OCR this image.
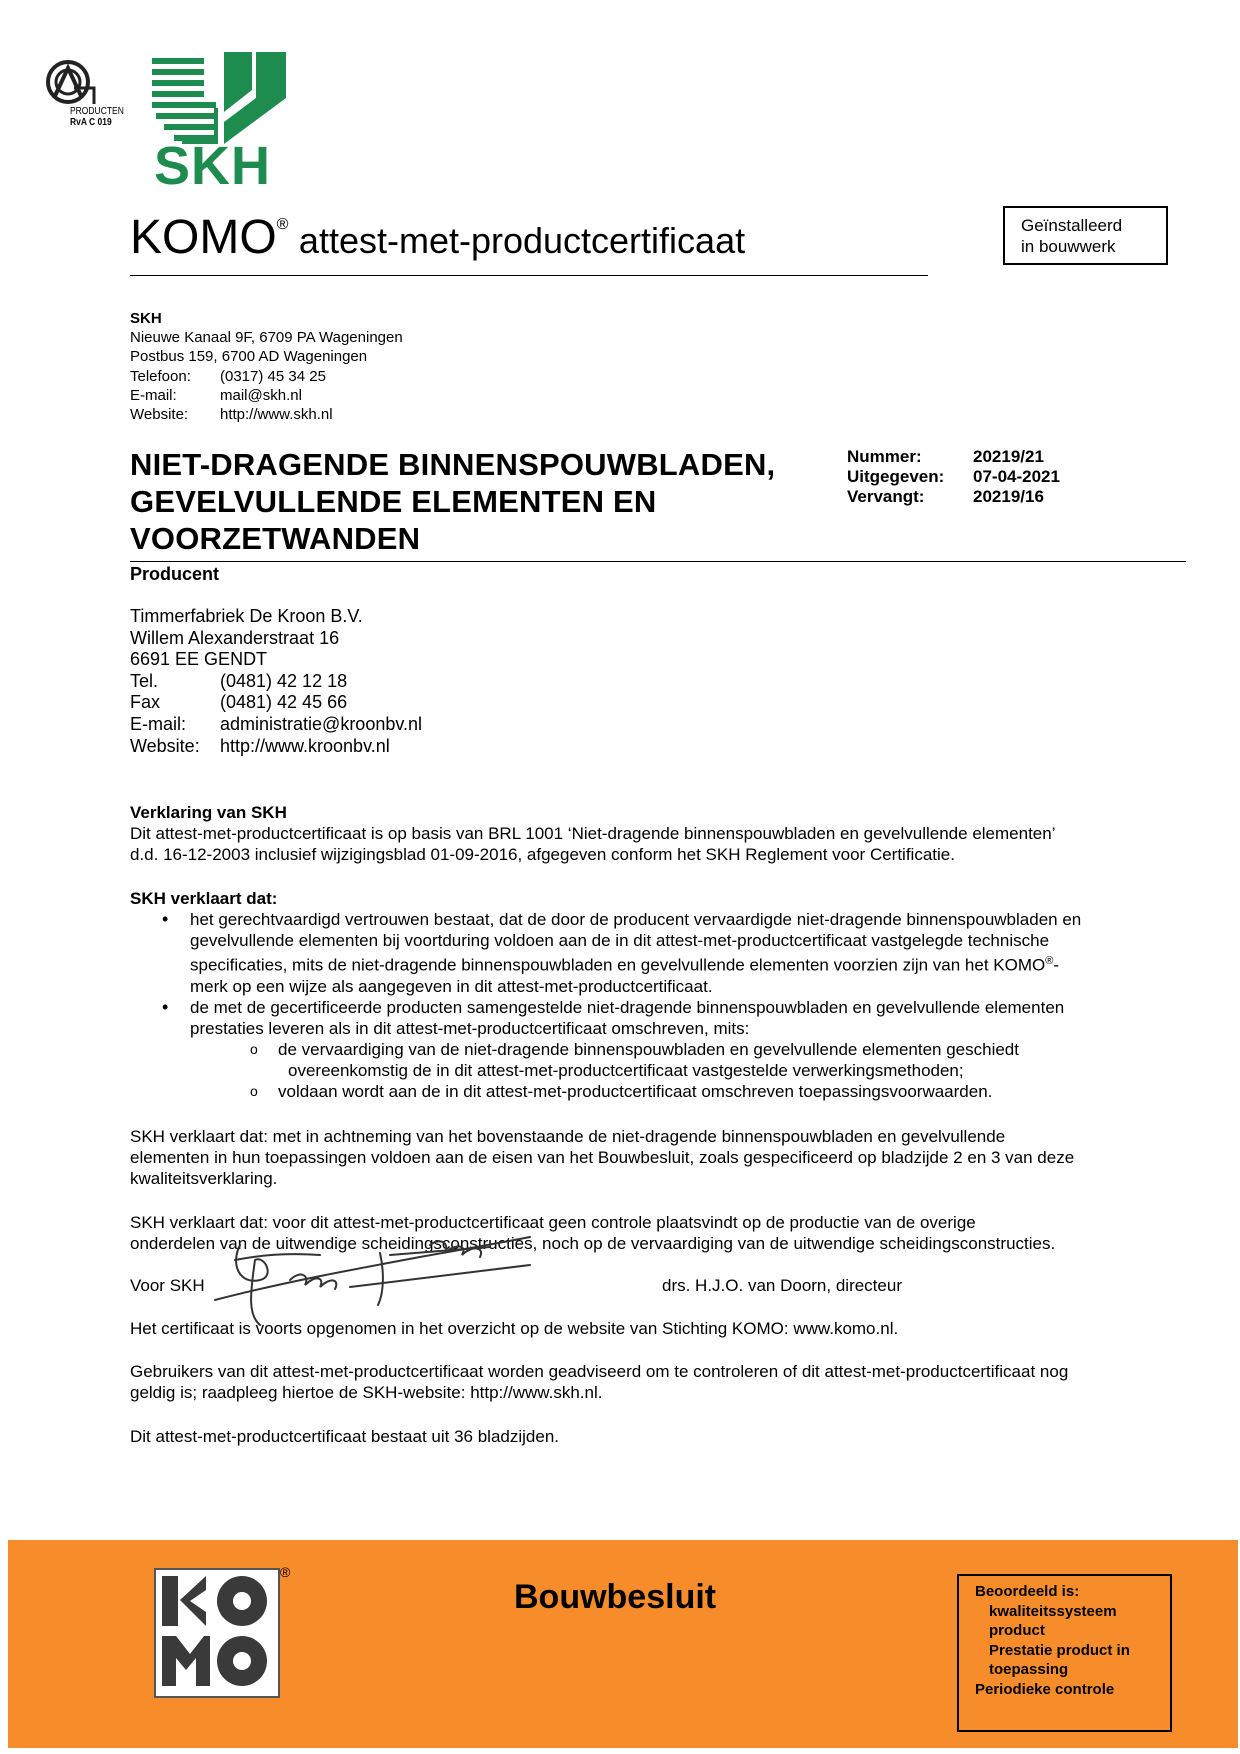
PRODUCTEN
RvA C 019
SKH
KOMO® attest-met-productcertificaat	Geïnstalleerd
in bouwwerk
SKH
Nieuwe Kanaal 9F, 6709 PA Wageningen
Postbus 159, 6700 AD Wageningen
Telefoon: (0317) 45 34 25
E-mail:	mail@skh.nl
Website: http://www.skh.nl
NIET-DRAGENDE BINNENSPOUWBLADEN,
GEVELVULLENDE ELEMENTEN EN
VOORZETWANDEN
Nummer:	20219/21
Uitgegeven: 07-04-2021
Vervangt:	20219/16
Producent
Timmerfabriek De Kroon B.V.
Willem Alexanderstraat 16
6691 EE GENDT
Tel.	(0481) 42 12 18
Fax	(0481) 42 45 66
E-mail: administratie@kroonbv.nl
Website: http://www.kroonbv.nl
Verklaring van SKH
Dit attest-met-productcertificaat is op basis van BRL 1001 ‘Niet-dragende binnenspouwbladen en gevelvullende elementen’
d.d. 16-12-2003 inclusief wijzigingsblad 01-09-2016, afgegeven conform het SKH Reglement voor Certificatie.
SKH verklaart dat:
• het gerechtvaardigd vertrouwen bestaat, dat de door de producent vervaardigde niet-dragende binnenspouwbladen en
gevelvullende elementen bij voortduring voldoen aan de in dit attest-met-productcertificaat vastgelegde technische
specificaties, mits de niet-dragende binnenspouwbladen en gevelvullende elementen voorzien zijn van het KOMO®-
merk op een wijze als aangegeven in dit attest-met-productcertificaat.
• de met de gecertificeerde producten samengestelde niet-dragende binnenspouwbladen en gevelvullende elementen
prestaties leveren als in dit attest-met-productcertificaat omschreven, mits:
o de vervaardiging van de niet-dragende binnenspouwbladen en gevelvullende elementen geschiedt
overeenkomstig de in dit attest-met-productcertificaat vastgestelde verwerkingsmethoden;
o voldaan wordt aan de in dit attest-met-productcertificaat omschreven toepassingsvoorwaarden.
SKH verklaart dat: met in achtneming van het bovenstaande de niet-dragende binnenspouwbladen en gevelvullende
elementen in hun toepassingen voldoen aan de eisen van het Bouwbesluit, zoals gespecificeerd op bladzijde 2 en 3 van deze
kwaliteitsverklaring.
SKH verklaart dat: voor dit attest-met-productcertificaat geen controle plaatsvindt op de productie van de overige
onderdelen van de uitwendige scheidingsconstructies, noch op de vervaardiging van de uitwendige scheidingsconstructies.
Voor SKH	drs. H.J.O. van Doorn, directeur
Het certificaat is voorts opgenomen in het overzicht op de website van Stichting KOMO: www.komo.nl.
Gebruikers van dit attest-met-productcertificaat worden geadviseerd om te controleren of dit attest-met-productcertificaat nog
geldig is; raadpleeg hiertoe de SKH-website: http://www.skh.nl.
Dit attest-met-productcertificaat bestaat uit 36 bladzijden.
®
Bouwbesluit	Beoordeeld is:
kwaliteitssysteem
product
Prestatie product in
toepassing
Periodieke controle
